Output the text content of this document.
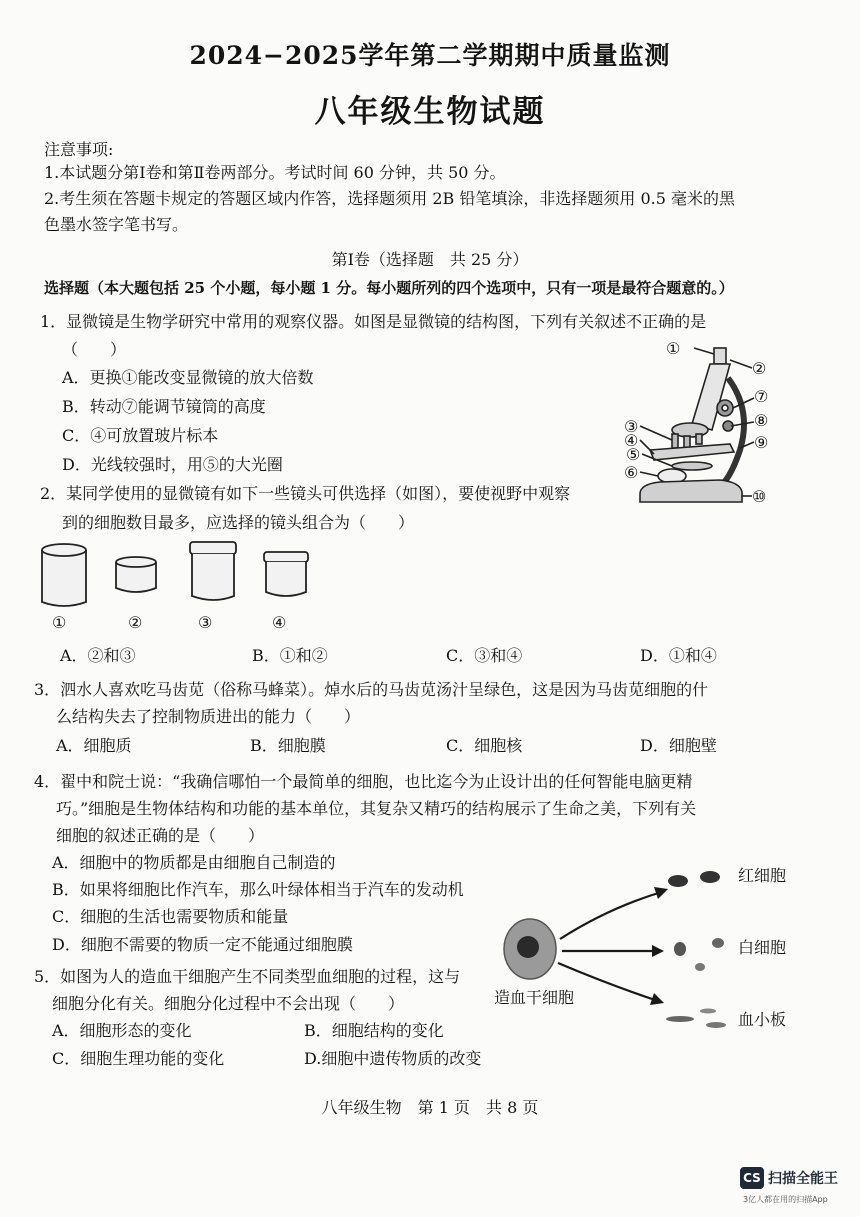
2024−2025学年第二学期期中质量监测
八年级生物试题
注意事项:
1.本试题分第Ⅰ卷和第Ⅱ卷两部分。考试时间 60 分钟，共 50 分。
2.考生须在答题卡规定的答题区域内作答，选择题须用 2B 铅笔填涂，非选择题须用 0.5 毫米的黑
色墨水签字笔书写。
第Ⅰ卷（选择题　共 25 分）
选择题（本大题包括 25 个小题，每小题 1 分。每小题所列的四个选项中，只有一项是最符合题意的。）
1．显微镜是生物学研究中常用的观察仪器。如图是显微镜的结构图，下列有关叙述不正确的是
（　　）
A．更换①能改变显微镜的放大倍数
B．转动⑦能调节镜筒的高度
C．④可放置玻片标本
D．光线较强时，用⑤的大光圈
①
②
③
④
⑤
⑥
⑦
⑧
⑨
⑩
2．某同学使用的显微镜有如下一些镜头可供选择（如图），要使视野中观察
到的细胞数目最多，应选择的镜头组合为（　　）
①	②	③	④
A．②和③	B．①和②	C．③和④	D．①和④
3．泗水人喜欢吃马齿苋（俗称马蜂菜）。焯水后的马齿苋汤汁呈绿色，这是因为马齿苋细胞的什
么结构失去了控制物质进出的能力（　　）
A．细胞质	B．细胞膜	C．细胞核	D．细胞壁
4．翟中和院士说：“我确信哪怕一个最简单的细胞，也比迄今为止设计出的任何智能电脑更精
巧。”细胞是生物体结构和功能的基本单位，其复杂又精巧的结构展示了生命之美，下列有关
细胞的叙述正确的是（　　）
A．细胞中的物质都是由细胞自己制造的
B．如果将细胞比作汽车，那么叶绿体相当于汽车的发动机
C．细胞的生活也需要物质和能量
D．细胞不需要的物质一定不能通过细胞膜
5．如图为人的造血干细胞产生不同类型血细胞的过程，这与
细胞分化有关。细胞分化过程中不会出现（　　）
A．细胞形态的变化	B．细胞结构的变化
C．细胞生理功能的变化	D.细胞中遗传物质的改变
造血干细胞
红细胞
白细胞
血小板
八年级生物　第 1 页　共 8 页
CS 扫描全能王
3亿人都在用的扫描App
